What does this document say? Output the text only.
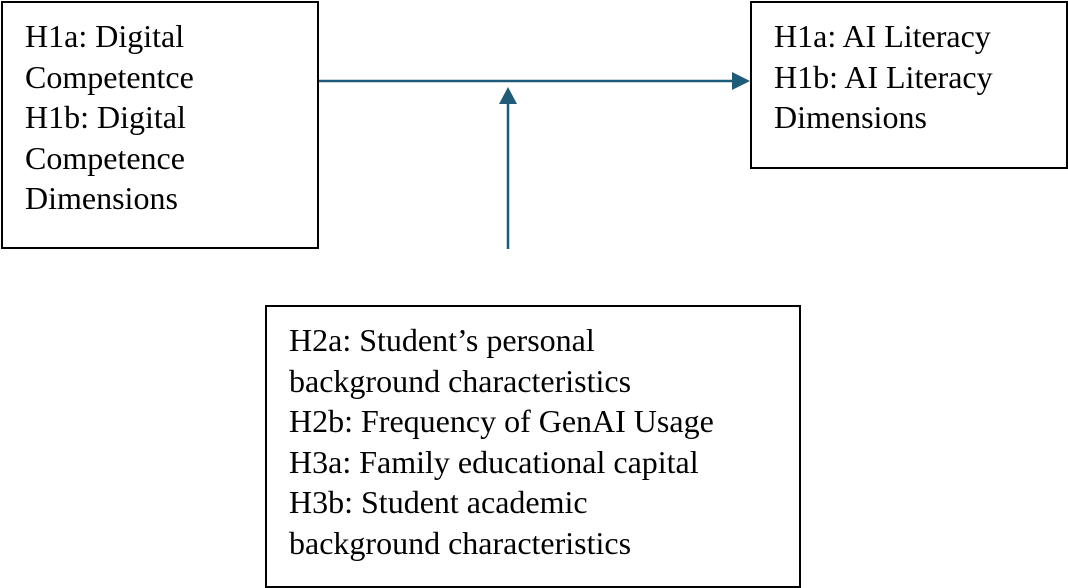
H1a: Digital
Competentce
H1b: Digital
Competence
Dimensions
H1a: AI Literacy
H1b: AI Literacy
Dimensions
H2a: Student’s personal
background characteristics
H2b: Frequency of GenAI Usage
H3a: Family educational capital
H3b: Student academic
background characteristics
